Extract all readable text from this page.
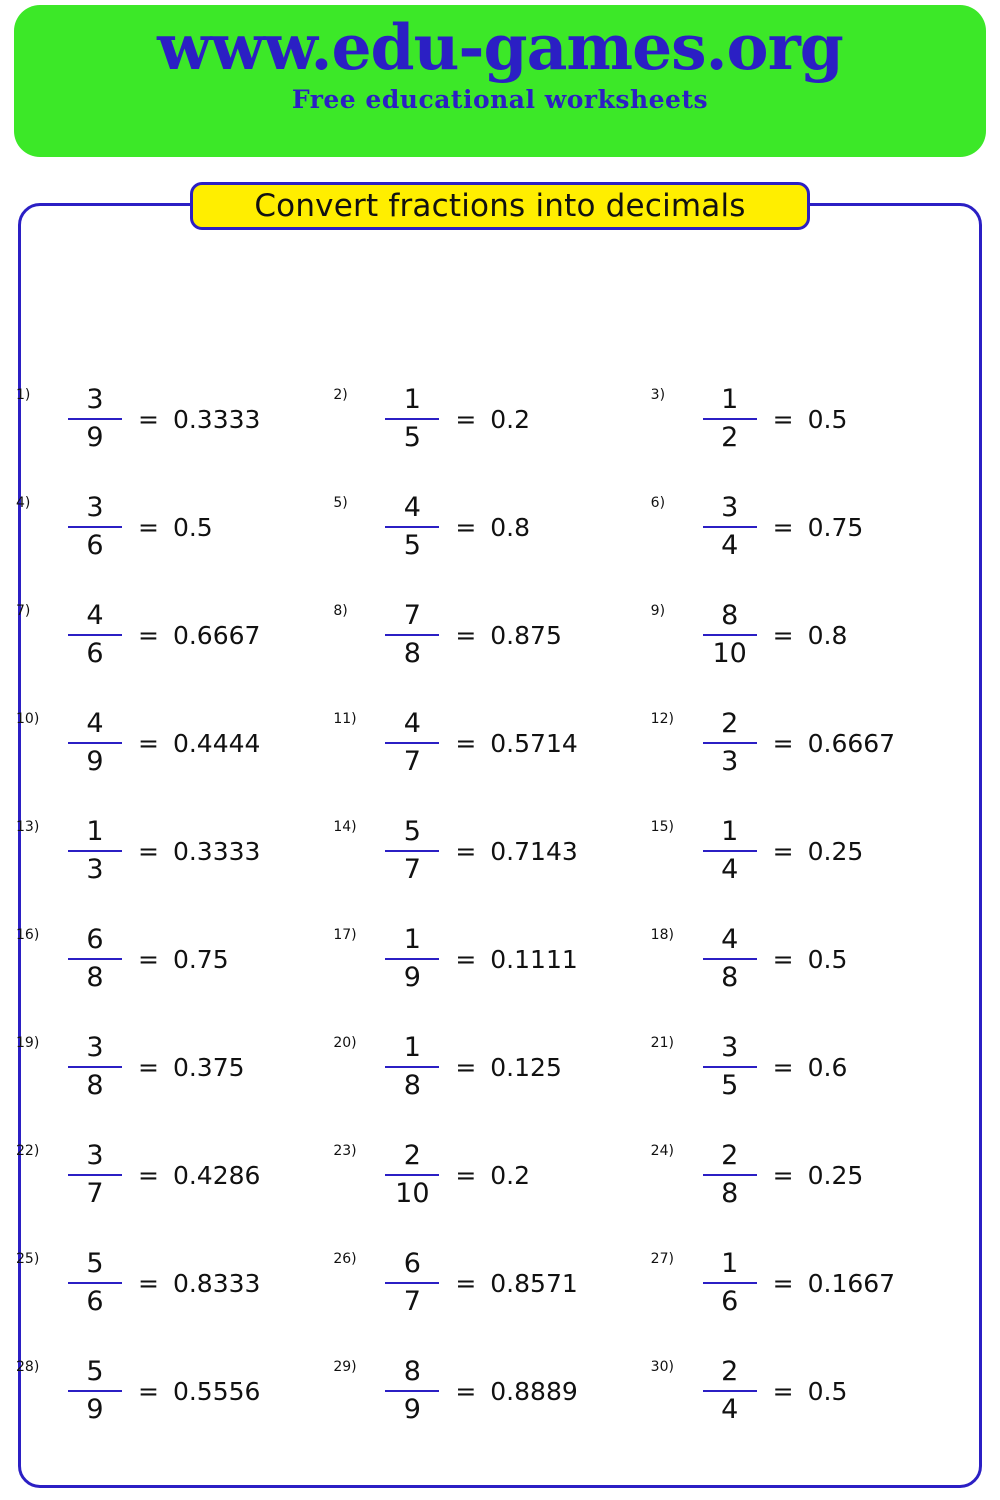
www.edu-games.org
Free educational worksheets
Convert fractions into decimals
$1) \frac{3}{9} = 0.3333$
$2) \frac{1}{5} = 0.2$
$3) \frac{1}{2} = 0.5$
$4) \frac{3}{6} = 0.5$
$5) \frac{4}{5} = 0.8$
$6) \frac{3}{4} = 0.75$
$7) \frac{4}{6} = 0.6667$
$8) \frac{7}{8} = 0.875$
$9) \frac{8}{10} = 0.8$
$10) \frac{4}{9} = 0.4444$
$11) \frac{4}{7} = 0.5714$
$12) \frac{2}{3} = 0.6667$
$13) \frac{1}{3} = 0.3333$
$14) \frac{5}{7} = 0.7143$
$15) \frac{1}{4} = 0.25$
$16) \frac{6}{8} = 0.75$
$17) \frac{1}{9} = 0.1111$
$18) \frac{4}{8} = 0.5$
$19) \frac{3}{8} = 0.375$
$20) \frac{1}{8} = 0.125$
$21) \frac{3}{5} = 0.6$
$22) \frac{3}{7} = 0.4286$
$23) \frac{2}{10} = 0.2$
$24) \frac{2}{8} = 0.25$
$25) \frac{5}{6} = 0.8333$
$26) \frac{6}{7} = 0.8571$
$27) \frac{1}{6} = 0.1667$
$28) \frac{5}{9} = 0.5556$
$29) \frac{8}{9} = 0.8889$
$30) \frac{2}{4} = 0.5$
